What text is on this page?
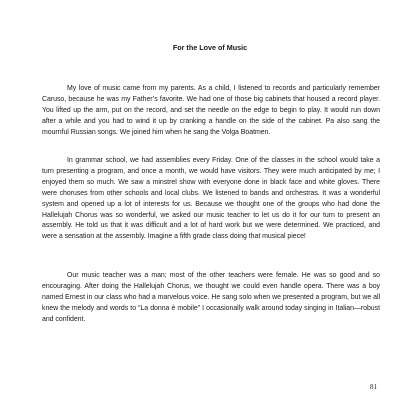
For the Love of Music

My love of music came from my parents. As a child, I listened to records and particularly remember Caruso, because he was my Father’s favorite. We had one of those big cabinets that housed a record player. You lifted up the arm, put on the record, and set the needle on the edge to begin to play. It would run down after a while and you had to wind it up by cranking a handle on the side of the cabinet. Pa also sang the mournful Russian songs. We joined him when he sang the Volga Boatmen.

In grammar school, we had assemblies every Friday. One of the classes in the school would take a turn presenting a program, and once a month, we would have visitors. They were much anticipated by me; I enjoyed them so much. We saw a minstrel show with everyone done in black face and white gloves. There were choruses from other schools and local clubs. We listened to bands and orchestras. It was a wonderful system and opened up a lot of interests for us. Because we thought one of the groups who had done the Hallelujah Chorus was so wonderful, we asked our music teacher to let us do it for our turn to present an assembly. He told us that it was difficult and a lot of hard work but we were determined. We practiced, and were a sensation at the assembly. Imagine a fifth grade class doing that musical piece!

Our music teacher was a man; most of the other teachers were female. He was so good and so encouraging. After doing the Hallelujah Chorus, we thought we could even handle opera. There was a boy named Ernest in our class who had a marvelous voice. He sang solo when we presented a program, but we all knew the melody and words to “La donna è mobile” I occasionally walk around today singing in Italian—robust and confident.

81
